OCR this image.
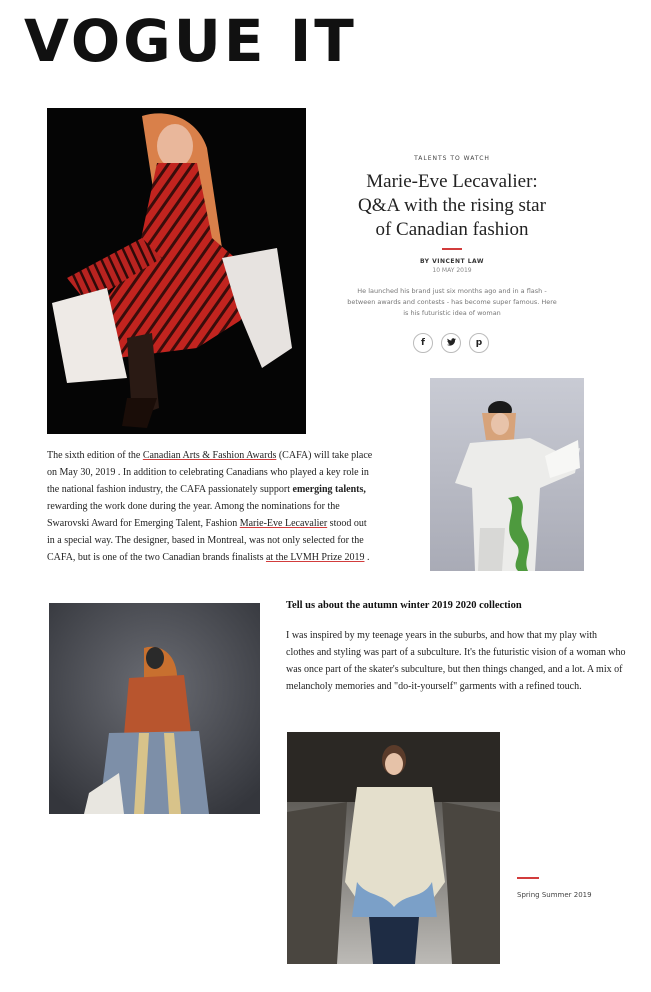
VOGUE IT
TALENTS TO WATCH
Marie-Eve Lecavalier:
Q&A with the rising star
of Canadian fashion
BY VINCENT LAW
10 MAY 2019
He launched his brand just six months ago and in a flash -
between awards and contests - has become super famous. Here
is his futuristic idea of woman
f	p
The sixth edition of the Canadian Arts & Fashion Awards (CAFA) will take place on May 30, 2019 . In addition to celebrating Canadians who played a key role in the national fashion industry, the CAFA passionately support emerging talents, rewarding the work done during the year. Among the nominations for the Swarovski Award for Emerging Talent, Fashion Marie-Eve Lecavalier stood out in a special way. The designer, based in Montreal, was not only selected for the CAFA, but is one of the two Canadian brands finalists at the LVMH Prize 2019 .
Tell us about the autumn winter 2019 2020 collection
I was inspired by my teenage years in the suburbs, and how that my play with clothes and styling was part of a subculture. It's the futuristic vision of a woman who was once part of the skater's subculture, but then things changed, and a lot. A mix of melancholy memories and "do-it-yourself" garments with a refined touch.
Spring Summer 2019
